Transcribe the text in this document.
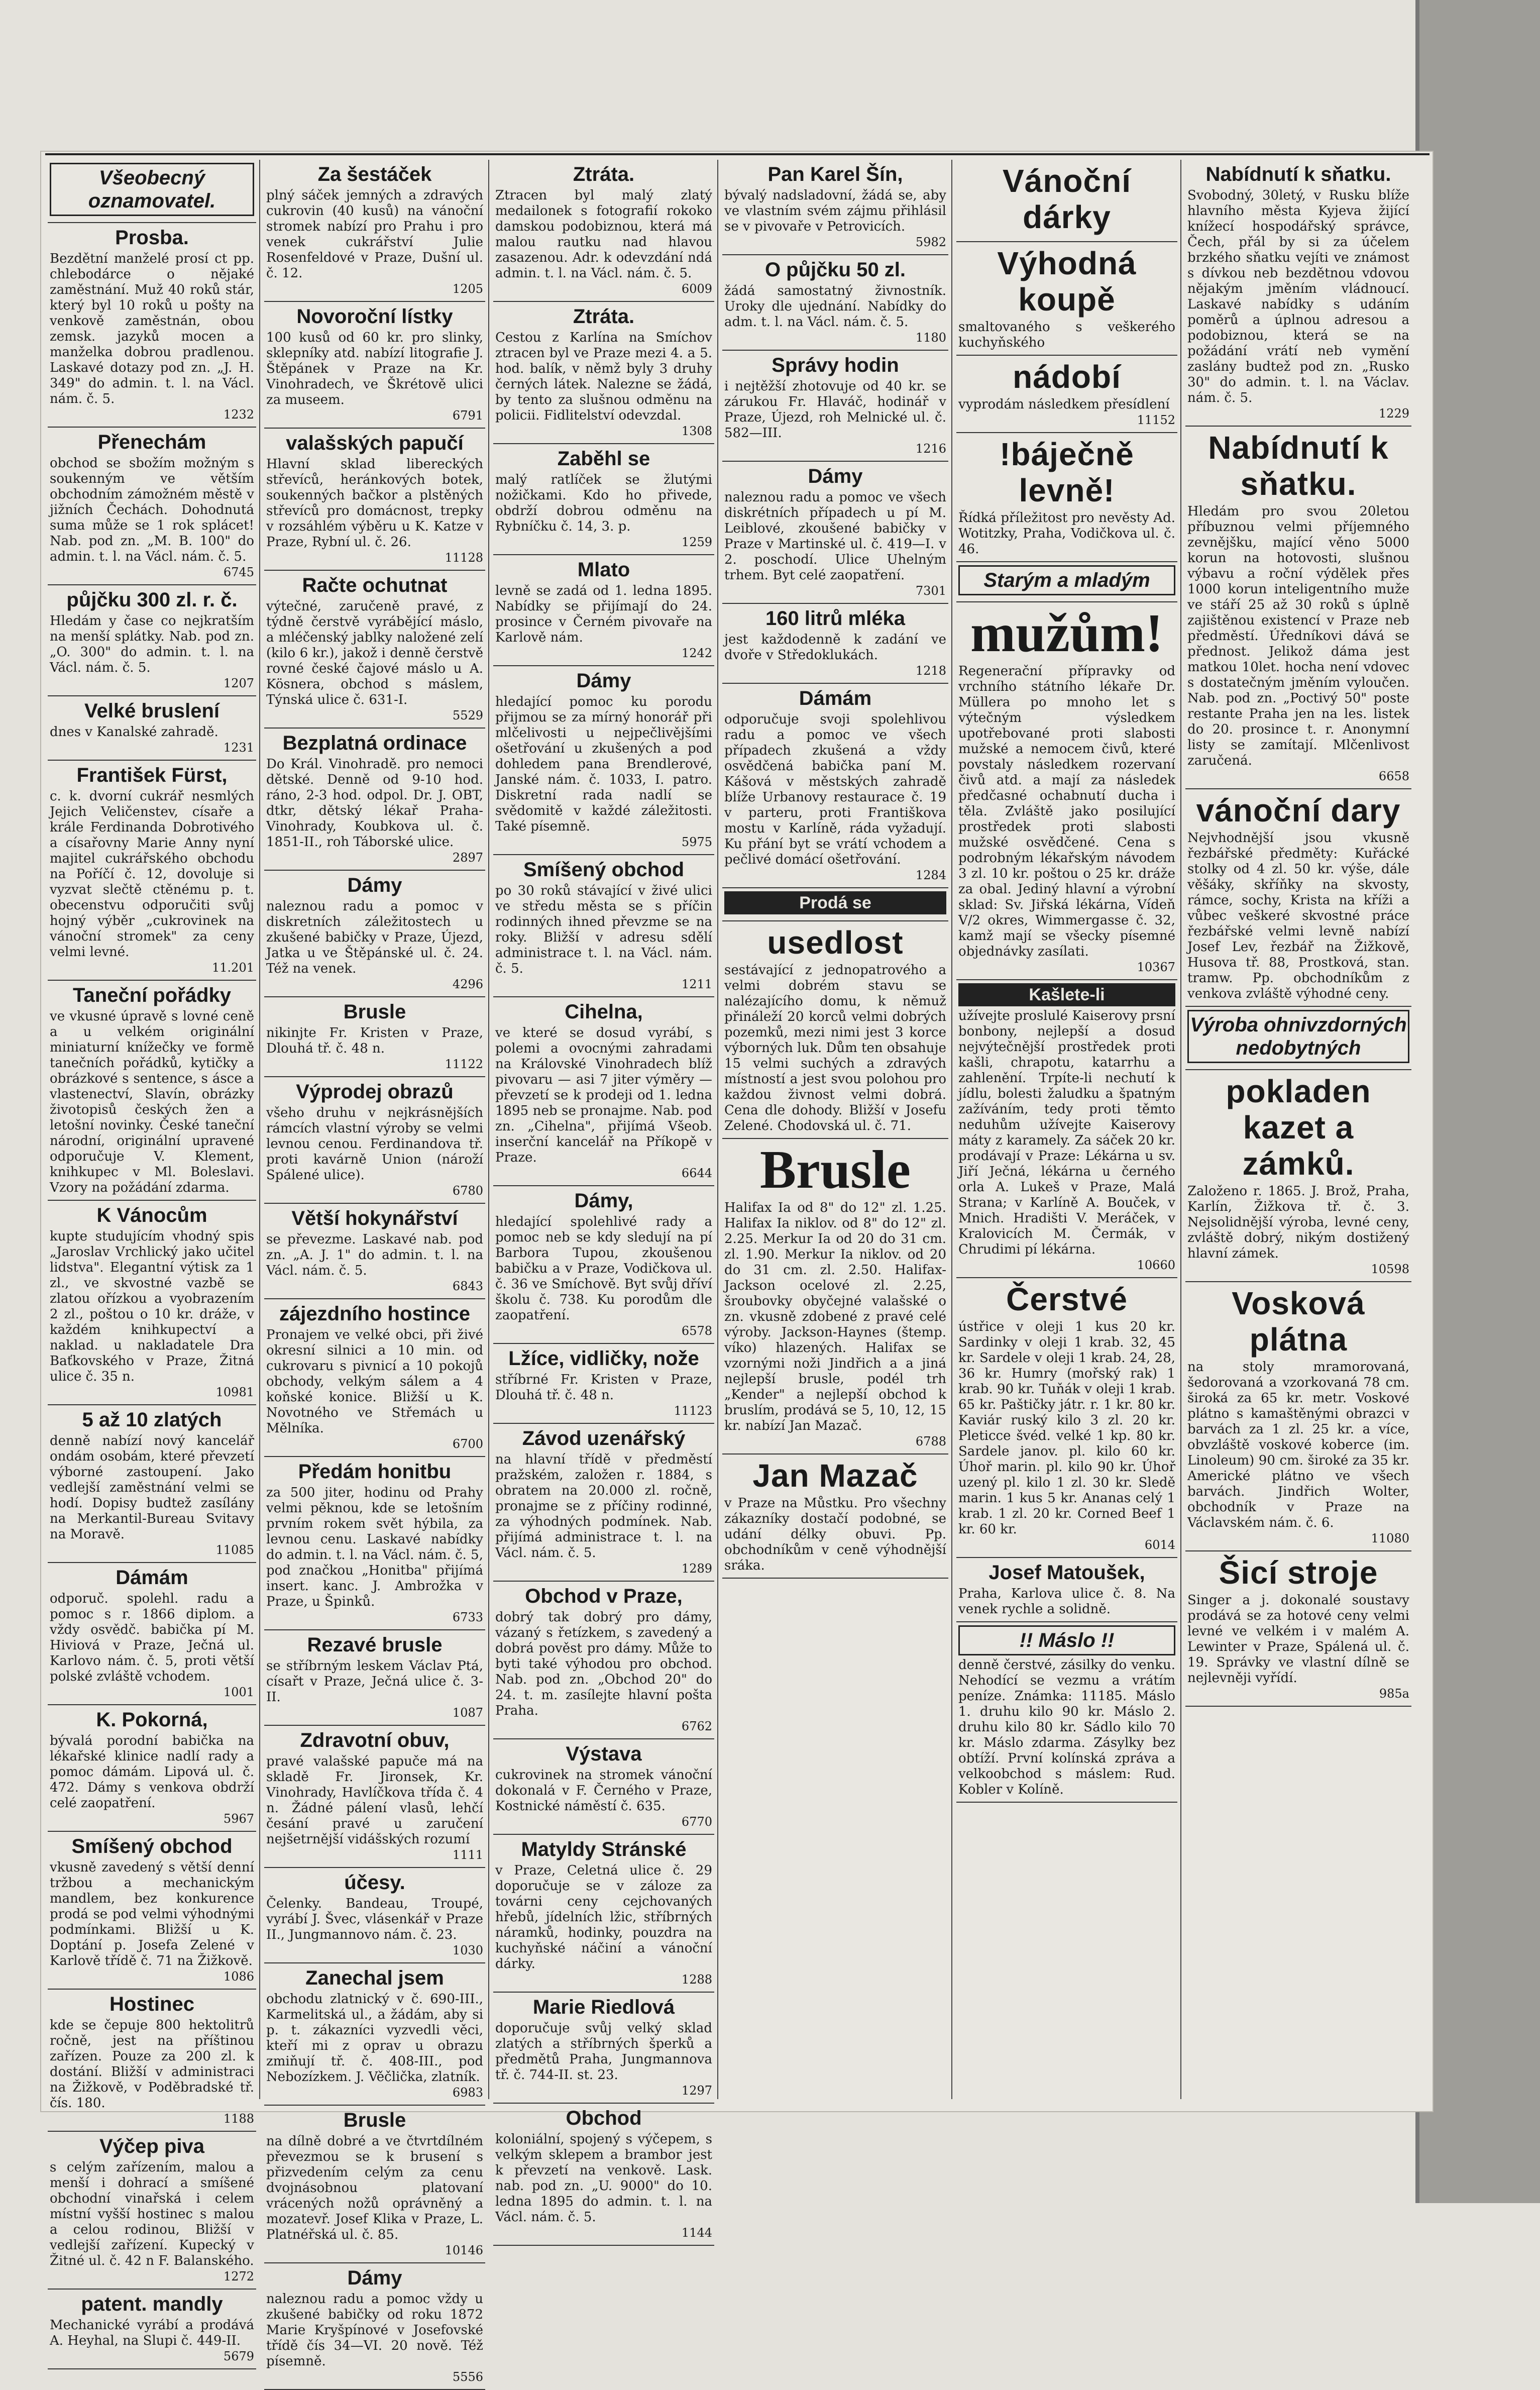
Všeobecný oznamovatel.
Prosba.
Bezdětní manželé prosí ct pp. chlebodárce o nějaké zaměstnání. Muž 40 roků stár, který byl 10 roků u pošty na venkově zaměstnán, obou zemsk. jazyků mocen a manželka dobrou pradlenou. Laskavé dotazy pod zn. „J. H. 349" do admin. t. l. na Václ. nám. č. 5.
1232
Přenechám
obchod se sbožím možným s soukenným ve větším obchodním zámožném městě v jižních Čechách. Dohodnutá suma může se 1 rok splácet! Nab. pod zn. „M. B. 100" do admin. t. l. na Václ. nám. č. 5.
6745
půjčku 300 zl. r. č.
Hledám y čase co nejkratším na menší splátky. Nab. pod zn. „O. 300" do admin. t. l. na Václ. nám. č. 5.
1207
Velké bruslení
dnes v Kanalské zahradě.
1231
František Fürst,
c. k. dvorní cukrář nesmlých Jejich Veličenstev, císaře a krále Ferdinanda Dobrotivého a císařovny Marie Anny nyní majitel cukrářského obchodu na Poříčí č. 12, dovoluje si vyzvat slečtě ctěnému p. t. obecenstvu odporučiti svůj hojný výběr „cukrovinek na vánoční stromek" za ceny velmi levné.
11.201
Taneční pořádky
ve vkusné úpravě s lovné ceně a u velkém originální miniaturní knížečky ve formě tanečních pořádků, kytičky a obrázkové s sentence, s ásce a vlastenectví, Slavín, obrázky životopisů českých žen a letošní novinky. České taneční národní, originální upravené odporučuje V. Klement, knihkupec v Ml. Boleslavi. Vzory na požádání zdarma.
K Vánocům
kupte studujícím vhodný spis „Jaroslav Vrchlický jako učitel lidstva". Elegantní výtisk za 1 zl., ve skvostné vazbě se zlatou ořízkou a vyobrazením 2 zl., poštou o 10 kr. dráže, v každém knihkupectví a naklad. u nakladatele Dra Baťkovského v Praze, Žitná ulice č. 35 n.
10981
5 až 10 zlatých
denně nabízí nový kancelář ondám osobám, které převzetí výborné zastoupení. Jako vedlejší zaměstnání velmi se hodí. Dopisy budtež zasílány na Merkantil-Bureau Svitavy na Moravě.
11085
Dámám
odporuč. spolehl. radu a pomoc s r. 1866 diplom. a vždy osvědč. babička pí M. Hiviová v Praze, Ječná ul. Karlovo nám. č. 5, proti větší polské zvláště vchodem.
1001
K. Pokorná,
bývalá porodní babička na lékařské klinice nadlí rady a pomoc dámám. Lipová ul. č. 472. Dámy s venkova obdrží celé zaopatření.
5967
Smíšený obchod
vkusně zavedený s větší denní tržbou a mechanickým mandlem, bez konkurence prodá se pod velmi výhodnými podmínkami. Bližší u K. Doptání p. Josefa Zelené v Karlově třídě č. 71 na Žižkově.
1086
Hostinec
kde se čepuje 800 hektolitrů ročně, jest na příštinou zařízen. Pouze za 200 zl. k dostání. Bližší v administraci na Žižkově, v Poděbradské tř. čís. 180.
1188
Výčep piva
s celým zařízením, malou a menší i dohrací a smíšené obchodní vinařská i celem místní vyšší hostinec s malou a celou rodinou, Bližší v vedlejší zařízení. Kupecký v Žitné ul. č. 42 n F. Balanského.
1272
patent. mandly
Mechanické vyrábí a prodává A. Heyhal, na Slupi č. 449-II.
5679
Za šestáček
plný sáček jemných a zdravých cukrovin (40 kusů) na vánoční stromek nabízí pro Prahu i pro venek cukrářství Julie Rosenfeldové v Praze, Dušní ul. č. 12.
1205
Novoroční lístky
100 kusů od 60 kr. pro slinky, sklepníky atd. nabízí litografie J. Štěpánek v Praze na Kr. Vinohradech, ve Škrétově ulici za museem.
6791
valašských papučí
Hlavní sklad libereckých střevíců, heránkových botek, soukenných bačkor a plstěných střevíců pro domácnost, trepky v rozsáhlém výběru u K. Katze v Praze, Rybní ul. č. 26.
11128
Račte ochutnat
výtečné, zaručeně pravé, z týdně čerstvě vyrábějící máslo, a mléčenský jablky naložené zelí (kilo 6 kr.), jakož i denně čerstvě rovné české čajové máslo u A. Kösnera, obchod s máslem, Týnská ulice č. 631-I.
5529
Bezplatná ordinace
Do Král. Vinohradě. pro nemoci dětské. Denně od 9-10 hod. ráno, 2-3 hod. odpol. Dr. J. OBT, dtkr, dětský lékař Praha-Vinohrady, Koubkova ul. č. 1851-II., roh Táborské ulice.
2897
Dámy
naleznou radu a pomoc v diskretních záležitostech u zkušené babičky v Praze, Újezd, Jatka u ve Štěpánské ul. č. 24. Též na venek.
4296
Brusle
nikinjte Fr. Kristen v Praze, Dlouhá tř. č. 48 n.
11122
Výprodej obrazů
všeho druhu v nejkrásnějších rámcích vlastní výroby se velmi levnou cenou. Ferdinandova tř. proti kavárně Union (nároží Spálené ulice).
6780
Větší hokynářství
se převezme. Laskavé nab. pod zn. „A. J. 1" do admin. t. l. na Václ. nám. č. 5.
6843
zájezdního hostince
Pronajem ve velké obci, při živé okresní silnici a 10 min. od cukrovaru s pivnicí a 10 pokojů obchody, velkým sálem a 4 koňské konice. Bližší u K. Novotného ve Střemách u Mělníka.
6700
Předám honitbu
za 500 jiter, hodinu od Prahy velmi pěknou, kde se letošním prvním rokem svět hýbila, za levnou cenu. Laskavé nabídky do admin. t. l. na Václ. nám. č. 5, pod značkou „Honitba" přijímá insert. kanc. J. Ambrožka v Praze, u Špinků.
6733
Rezavé brusle
se stříbrným leskem Václav Ptá, císařt v Praze, Ječná ulice č. 3-II.
1087
Zdravotní obuv,
pravé valašské papuče má na skladě Fr. Jironsek, Kr. Vinohrady, Havlíčkova třída č. 4 n. Žádné pálení vlasů, lehčí česání pravé u zaručení nejšetrnější vidášských rozumí
1111
účesy.
Čelenky. Bandeau, Troupé, vyrábí J. Švec, vlásenkář v Praze II., Jungmannovo nám. č. 23.
1030
Zanechal jsem
obchodu zlatnický v č. 690-III., Karmelitská ul., a žádám, aby si p. t. zákazníci vyzvedli věci, kteří mi z oprav u obrazu zmiňují tř. č. 408-III., pod Nebozízkem. J. Věčlička, zlatník.
6983
Brusle
na dílně dobré a ve čtvrtdílném převezmou se k brusení s přizvedením celým za cenu dvojnásobnou platovaní vrácených nožů oprávněný a mozatevř. Josef Klika v Praze, L. Platnéřská ul. č. 85.
10146
Dámy
naleznou radu a pomoc vždy u zkušené babičky od roku 1872 Marie Kryšpínové v Josefovské třídě čís 34—VI. 20 nově. Též písemně.
5556
Ztráta.
Ztracen byl malý zlatý medailonek s fotografií rokoko damskou podobiznou, která má malou rautku nad hlavou zasazenou. Adr. k odevzdání ndá admin. t. l. na Václ. nám. č. 5.
6009
Ztráta.
Cestou z Karlína na Smíchov ztracen byl ve Praze mezi 4. a 5. hod. balík, v němž byly 3 druhy černých látek. Nalezne se žádá, by tento za slušnou odměnu na policii. Fidlitelství odevzdal.
1308
Zaběhl se
malý ratlíček se žlutými nožičkami. Kdo ho přivede, obdrží dobrou odměnu na Rybníčku č. 14, 3. p.
1259
Mlato
levně se zadá od 1. ledna 1895. Nabídky se přijímají do 24. prosince v Černém pivovaře na Karlově nám.
1242
Dámy
hledající pomoc ku porodu přijmou se za mírný honorář při mlčelivosti u nejpečlivějšími ošetřování u zkušených a pod dohledem pana Brendlerové, Janské nám. č. 1033, I. patro. Diskretní rada nadlí se svědomitě v každé záležitosti. Také písemně.
5975
Smíšený obchod
po 30 roků stávající v živé ulici ve středu města se s příčin rodinných ihned převzme se na roky. Bližší v adresu sdělí administrace t. l. na Václ. nám. č. 5.
1211
Cihelna,
ve které se dosud vyrábí, s polemi a ovocnými zahradami na Královské Vinohradech blíž pivovaru — asi 7 jiter výměry — převzetí se k prodeji od 1. ledna 1895 neb se pronajme. Nab. pod zn. „Cihelna", přijímá Všeob. inserční kancelář na Příkopě v Praze.
6644
Dámy,
hledající spolehlivé rady a pomoc neb se kdy sledují na pí Barbora Tupou, zkoušenou babičku a v Praze, Vodičkova ul. č. 36 ve Smíchově. Byt svůj dříví školu č. 738. Ku porodům dle zaopatření.
6578
Lžíce, vidličky, nože
stříbrné Fr. Kristen v Praze, Dlouhá tř. č. 48 n.
11123
Závod uzenářský
na hlavní třídě v předměstí pražském, založen r. 1884, s obratem na 20.000 zl. ročně, pronajme se z příčiny rodinné, za výhodných podmínek. Nab. přijímá administrace t. l. na Václ. nám. č. 5.
1289
Obchod v Praze,
dobrý tak dobrý pro dámy, vázaný s řetízkem, s zavedený a dobrá pověst pro dámy. Může to byti také výhodou pro obchod. Nab. pod zn. „Obchod 20" do 24. t. m. zasílejte hlavní pošta Praha.
6762
Výstava
cukrovinek na stromek vánoční dokonalá v F. Černého v Praze, Kostnické náměstí č. 635.
6770
Matyldy Stránské
v Praze, Celetná ulice č. 29 doporučuje se v záloze za továrni ceny cejchovaných hřebů, jídelních lžic, stříbrných náramků, hodinky, pouzdra na kuchyňské náčiní a vánoční dárky.
1288
Marie Riedlová
doporučuje svůj velký sklad zlatých a stříbrných šperků a předmětů Praha, Jungmannova tř. č. 744-II. st. 23.
1297
Obchod
koloniální, spojený s výčepem, s velkým sklepem a brambor jest k převzetí na venkově. Lask. nab. pod zn. „U. 9000" do 10. ledna 1895 do admin. t. l. na Václ. nám. č. 5.
1144
Pan Karel Šín,
bývalý nadsladovní, žádá se, aby ve vlastním svém zájmu přihlásil se v pivovaře v Petrovicích.
5982
O půjčku 50 zl.
žádá samostatný živnostník. Uroky dle ujednání. Nabídky do adm. t. l. na Václ. nám. č. 5.
1180
Správy hodin
i nejtěžší zhotovuje od 40 kr. se zárukou Fr. Hlaváč, hodinář v Praze, Újezd, roh Melnické ul. č. 582—III.
1216
Dámy
naleznou radu a pomoc ve všech diskrétních případech u pí M. Leiblové, zkoušené babičky v Praze v Martinské ul. č. 419—I. v 2. poschodí. Ulice Uhelným trhem. Byt celé zaopatření.
7301
160 litrů mléka
jest každodenně k zadání ve dvoře v Středoklukách.
1218
Dámám
odporučuje svoji spolehlivou radu a pomoc ve všech případech zkušená a vždy osvědčená babička paní M. Kášová v městských zahradě blíže Urbanovy restaurace č. 19 v parteru, proti Františkova mostu v Karlíně, ráda vyžadují. Ku přání byt se vrátí vchodem a pečlivé domácí ošetřování.
1284
Prodá se
usedlost
sestávající z jednopatrového a velmi dobrém stavu se nalézajícího domu, k němuž přináleží 20 korců velmi dobrých pozemků, mezi nimi jest 3 korce výborných luk. Dům ten obsahuje 15 velmi suchých a zdravých místností a jest svou polohou pro každou živnost velmi dobrá. Cena dle dohody. Bližší v Josefu Zelené. Chodovská ul. č. 71.
Brusle
Halifax Ia od 8" do 12" zl. 1.25. Halifax Ia niklov. od 8" do 12" zl. 2.25. Merkur Ia od 20 do 31 cm. zl. 1.90. Merkur Ia niklov. od 20 do 31 cm. zl. 2.50. Halifax-Jackson ocelové zl. 2.25, šroubovky obyčejné valašské o zn. vkusně zdobené z pravé celé výroby. Jackson-Haynes (štemp. víko) hlazených. Halifax se vzornými noži Jindřich a a jiná nejlepší brusle, podél trh „Kender" a nejlepší obchod k bruslím, prodává se 5, 10, 12, 15 kr. nabízí Jan Mazač.
6788
Jan Mazač
v Praze na Můstku. Pro všechny zákazníky dostačí podobné, se udání délky obuvi. Pp. obchodníkům v ceně výhodnější sráka.
Vánoční dárky
Výhodná koupě
smaltovaného s veškerého kuchyňského
nádobí
vyprodám následkem přesídlení
11152
!báječně levně!
Řídká příležitost pro nevěsty Ad. Wotitzky, Praha, Vodičkova ul. č. 46.
Starým a mladým
mužům!
Regenerační přípravky od vrchního státního lékaře Dr. Müllera po mnoho let s výtečným výsledkem upotřebované proti slabosti mužské a nemocem čivů, které povstaly následkem rozervaní čivů atd. a mají za následek předčasné ochabnutí ducha i těla. Zvláště jako posilující prostředek proti slabosti mužské osvědčené. Cena s podrobným lékařským návodem 3 zl. 10 kr. poštou o 25 kr. dráže za obal. Jediný hlavní a výrobní sklad: Sv. Jiřská lékárna, Vídeň V/2 okres, Wimmergasse č. 32, kamž mají se všecky písemné objednávky zasílati.
10367
Kašlete-li
užívejte proslulé Kaiserovy prsní bonbony, nejlepší a dosud nejvýtečnější prostředek proti kašli, chrapotu, katarrhu a zahlenění. Trpíte-li nechutí k jídlu, bolesti žaludku a špatným zažíváním, tedy proti těmto neduhům užívejte Kaiserovy máty z karamely. Za sáček 20 kr. prodávají v Praze: Lékárna u sv. Jiří Ječná, lékárna u černého orla A. Lukeš v Praze, Malá Strana; v Karlíně A. Bouček, v Mnich. Hradišti V. Meráček, v Kralovicích M. Čermák, v Chrudimi pí lékárna.
10660
Čerstvé
ústřice v oleji 1 kus 20 kr. Sardinky v oleji 1 krab. 32, 45 kr. Sardele v oleji 1 krab. 24, 28, 36 kr. Humry (mořský rak) 1 krab. 90 kr. Tuňák v oleji 1 krab. 65 kr. Paštičky játr. r. 1 kr. 80 kr. Kaviár ruský kilo 3 zl. 20 kr. Pleticce švéd. velké 1 kp. 80 kr. Sardele janov. pl. kilo 60 kr. Úhoř marin. pl. kilo 90 kr. Úhoř uzený pl. kilo 1 zl. 30 kr. Sledě marin. 1 kus 5 kr. Ananas celý 1 krab. 1 zl. 20 kr. Corned Beef 1 kr. 60 kr.
6014
Josef Matoušek,
Praha, Karlova ulice č. 8. Na venek rychle a solidně.
!! Máslo !!
denně čerstvé, zásilky do venku. Nehodící se vezmu a vrátím peníze. Známka: 11185. Máslo 1. druhu kilo 90 kr. Máslo 2. druhu kilo 80 kr. Sádlo kilo 70 kr. Máslo zdarma. Zásylky bez obtíží. První kolínská zpráva a velkoobchod s máslem: Rud. Kobler v Kolíně.
Nabídnutí k sňatku.
Svobodný, 30letý, v Rusku blíže hlavního města Kyjeva žijící knížecí hospodářský správce, Čech, přál by si za účelem brzkého sňatku vejíti ve známost s dívkou neb bezdětnou vdovou nějakým jměním vládnoucí. Laskavé nabídky s udáním poměrů a úplnou adresou a podobiznou, která se na požádání vrátí neb vymění zaslány budtež pod zn. „Rusko 30" do admin. t. l. na Václav. nám. č. 5.
1229
Nabídnutí k sňatku.
Hledám pro svou 20letou příbuznou velmi příjemného zevnějšku, mající věno 5000 korun na hotovosti, slušnou výbavu a roční výdělek přes 1000 korun inteligentního muže ve stáří 25 až 30 roků s úplně zajištěnou existencí v Praze neb předměstí. Úředníkovi dává se přednost. Jelikož dáma jest matkou 10let. hocha není vdovec s dostatečným jměním vyloučen. Nab. pod zn. „Poctivý 50" poste restante Praha jen na les. listek do 20. prosince t. r. Anonymní listy se zamítají. Mlčenlivost zaručená.
6658
vánoční dary
Nejvhodnější jsou vkusně řezbářské předměty: Kuřácké stolky od 4 zl. 50 kr. výše, dále věšáky, skříňky na skvosty, rámce, sochy, Krista na kříži a vůbec veškeré skvostné práce řezbářské velmi levně nabízí Josef Lev, řezbář na Žižkově, Husova tř. 88, Prostková, stan. tramw. Pp. obchodníkům z venkova zvláště výhodné ceny.
Výroba ohnivzdorných nedobytných
pokladen kazet a zámků.
Založeno r. 1865. J. Brož, Praha, Karlín, Žižkova tř. č. 3. Nejsolidnější výroba, levné ceny, zvláště dobrý, nikým dostižený hlavní zámek.
10598
Vosková plátna
na stoly mramorovaná, šedorovaná a vzorkovaná 78 cm. široká za 65 kr. metr. Voskové plátno s kamaštěnými obrazci v barvách za 1 zl. 25 kr. a více, obvzláště voskové koberce (im. Linoleum) 90 cm. široké za 35 kr. Americké plátno ve všech barvách. Jindřich Wolter, obchodník v Praze na Václavském nám. č. 6.
11080
Šicí stroje
Singer a j. dokonalé soustavy prodává se za hotové ceny velmi levné ve velkém i v malém A. Lewinter v Praze, Spálená ul. č. 19. Správky ve vlastní dílně se nejlevněji vyřídí.
985a
